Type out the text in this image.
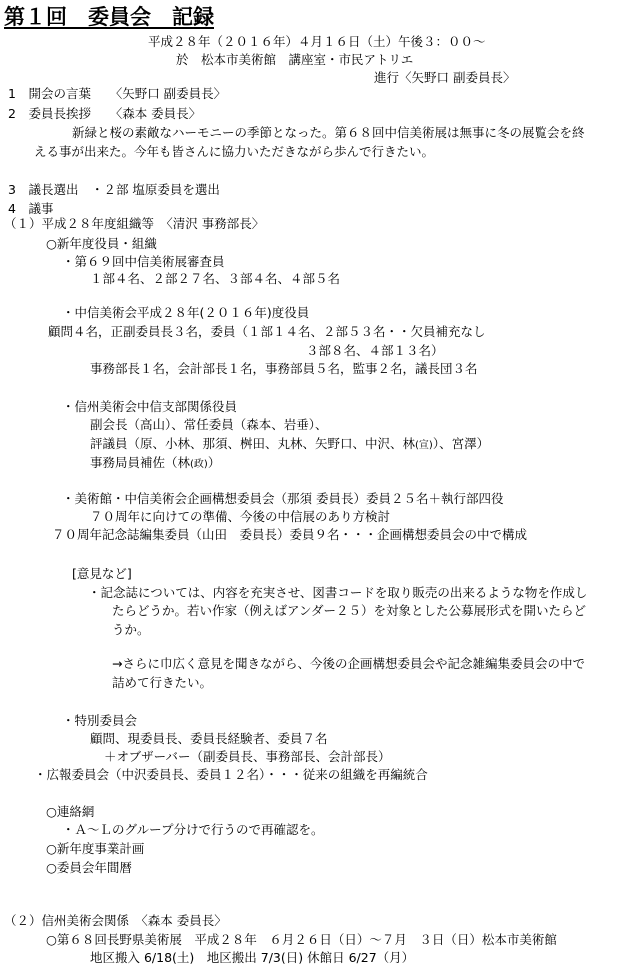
第１回　委員会　記録
平成２８年（２０１６年）４月１６日（土）午後３：００～
於　松本市美術館　講座室・市民アトリエ
進行〈矢野口 副委員長〉
1　開会の言葉　　〈矢野口 副委員長〉
2　委員長挨拶　　〈森本 委員長〉
新緑と桜の素敵なハーモニーの季節となった。第６８回中信美術展は無事に冬の展覧会を終
える事が出来た。今年も皆さんに協力いただきながら歩んで行きたい。
3　議長選出　・２部 塩原委員を選出
4　議事
（１）平成２８年度組織等　〈清沢 事務部長〉
○新年度役員・組織
・第６９回中信美術展審査員
１部４名、２部２７名、３部４名、４部５名
・中信美術会平成２８年(２０１６年)度役員
顧問４名，正副委員長３名，委員（１部１４名、２部５３名・・欠員補充なし
３部８名、４部１３名）
事務部長１名，会計部長１名，事務部員５名，監事２名，議長団３名
・信州美術会中信支部関係役員
副会長（高山）、常任委員（森本、岩垂）、
評議員（原、小林、那須、桝田、丸林、矢野口、中沢、林(宣)）、宮澤）
事務局員補佐（林(政)）
・美術館・中信美術会企画構想委員会（那須 委員長）委員２５名＋執行部四役
７０周年に向けての準備、今後の中信展のあり方検討
７０周年記念誌編集委員（山田　委員長）委員９名・・・企画構想委員会の中で構成
[意見など]
・記念誌については、内容を充実させ、図書コードを取り販売の出来るような物を作成し
たらどうか。若い作家（例えばアンダー２５）を対象とした公募展形式を開いたらど
うか。
→さらに巾広く意見を聞きながら、今後の企画構想委員会や記念雑編集委員会の中で
詰めて行きたい。
・特別委員会
顧問、現委員長、委員長経験者、委員７名
＋オブザーバー（副委員長、事務部長、会計部長）
・広報委員会（中沢委員長、委員１２名）・・・従来の組織を再編統合
○連絡網
・Ａ～Ｌのグループ分けで行うので再確認を。
○新年度事業計画
○委員会年間暦
（２）信州美術会関係　〈森本 委員長〉
○第６８回長野県美術展　平成２８年　６月２６日（日）～７月　３日（日）松本市美術館
地区搬入 6/18(土)　地区搬出 7/3(日) 休館日 6/27（月）
